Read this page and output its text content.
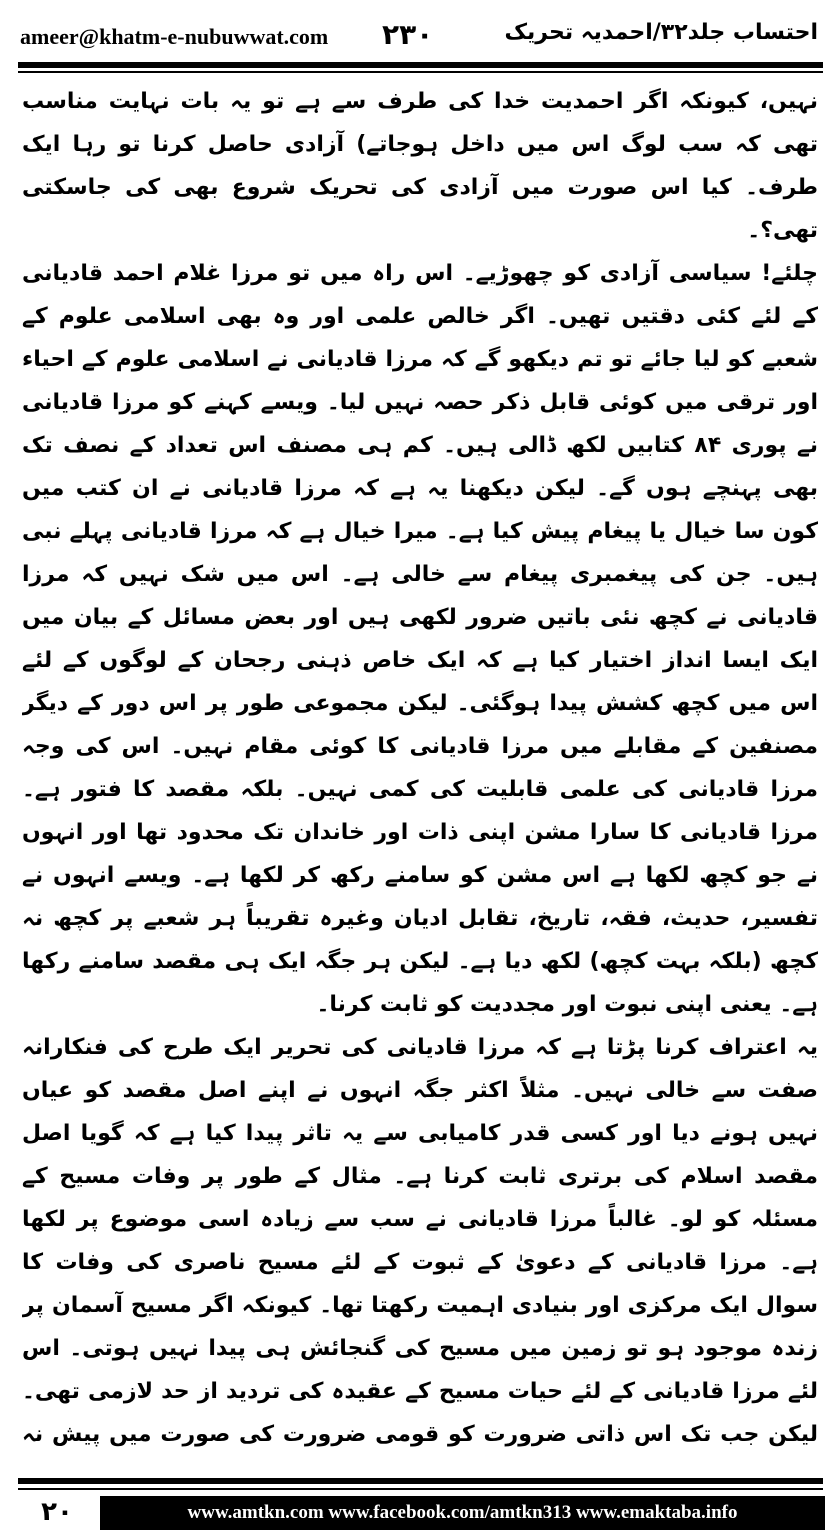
ameer@khatm-e-nubuwwat.com ۲۳۰	احتساب جلد۳۲/احمدیہ تحریک

نہیں، کیونکہ اگر احمدیت خدا کی طرف سے ہے تو یہ بات نہایت مناسب تھی کہ سب لوگ اس میں داخل ہوجاتے) آزادی حاصل کرنا تو رہا ایک طرف۔ کیا اس صورت میں آزادی کی تحریک شروع بھی کی جاسکتی تھی؟۔

چلئے! سیاسی آزادی کو چھوڑیے۔ اس راہ میں تو مرزا غلام احمد قادیانی کے لئے کئی دقتیں تھیں۔ اگر خالص علمی اور وہ بھی اسلامی علوم کے شعبے کو لیا جائے تو تم دیکھو گے کہ مرزا قادیانی نے اسلامی علوم کے احیاء اور ترقی میں کوئی قابل ذکر حصہ نہیں لیا۔ ویسے کہنے کو مرزا قادیانی نے پوری ۸۴ کتابیں لکھ ڈالی ہیں۔ کم ہی مصنف اس تعداد کے نصف تک بھی پہنچے ہوں گے۔ لیکن دیکھنا یہ ہے کہ مرزا قادیانی نے ان کتب میں کون سا خیال یا پیغام پیش کیا ہے۔ میرا خیال ہے کہ مرزا قادیانی پہلے نبی ہیں۔ جن کی پیغمبری پیغام سے خالی ہے۔ اس میں شک نہیں کہ مرزا قادیانی نے کچھ نئی باتیں ضرور لکھی ہیں اور بعض مسائل کے بیان میں ایک ایسا انداز اختیار کیا ہے کہ ایک خاص ذہنی رجحان کے لوگوں کے لئے اس میں کچھ کشش پیدا ہوگئی۔ لیکن مجموعی طور پر اس دور کے دیگر مصنفین کے مقابلے میں مرزا قادیانی کا کوئی مقام نہیں۔ اس کی وجہ مرزا قادیانی کی علمی قابلیت کی کمی نہیں۔ بلکہ مقصد کا فتور ہے۔ مرزا قادیانی کا سارا مشن اپنی ذات اور خاندان تک محدود تھا اور انہوں نے جو کچھ لکھا ہے اس مشن کو سامنے رکھ کر لکھا ہے۔ ویسے انہوں نے تفسیر، حدیث، فقہ، تاریخ، تقابل ادیان وغیرہ تقریباً ہر شعبے پر کچھ نہ کچھ (بلکہ بہت کچھ) لکھ دیا ہے۔ لیکن ہر جگہ ایک ہی مقصد سامنے رکھا ہے۔ یعنی اپنی نبوت اور مجددیت کو ثابت کرنا۔

یہ اعتراف کرنا پڑتا ہے کہ مرزا قادیانی کی تحریر ایک طرح کی فنکارانہ صفت سے خالی نہیں۔ مثلاً اکثر جگہ انہوں نے اپنے اصل مقصد کو عیاں نہیں ہونے دیا اور کسی قدر کامیابی سے یہ تاثر پیدا کیا ہے کہ گویا اصل مقصد اسلام کی برتری ثابت کرنا ہے۔ مثال کے طور پر وفات مسیح کے مسئلہ کو لو۔ غالباً مرزا قادیانی نے سب سے زیادہ اسی موضوع پر لکھا ہے۔ مرزا قادیانی کے دعویٰ کے ثبوت کے لئے مسیح ناصری کی وفات کا سوال ایک مرکزی اور بنیادی اہمیت رکھتا تھا۔ کیونکہ اگر مسیح آسمان پر زندہ موجود ہو تو زمین میں مسیح کی گنجائش ہی پیدا نہیں ہوتی۔ اس لئے مرزا قادیانی کے لئے حیات مسیح کے عقیدہ کی تردید از حد لازمی تھی۔ لیکن جب تک اس ذاتی ضرورت کو قومی ضرورت کی صورت میں پیش نہ

۲۰	www.amtkn.com www.facebook.com/amtkn313 www.emaktaba.info
